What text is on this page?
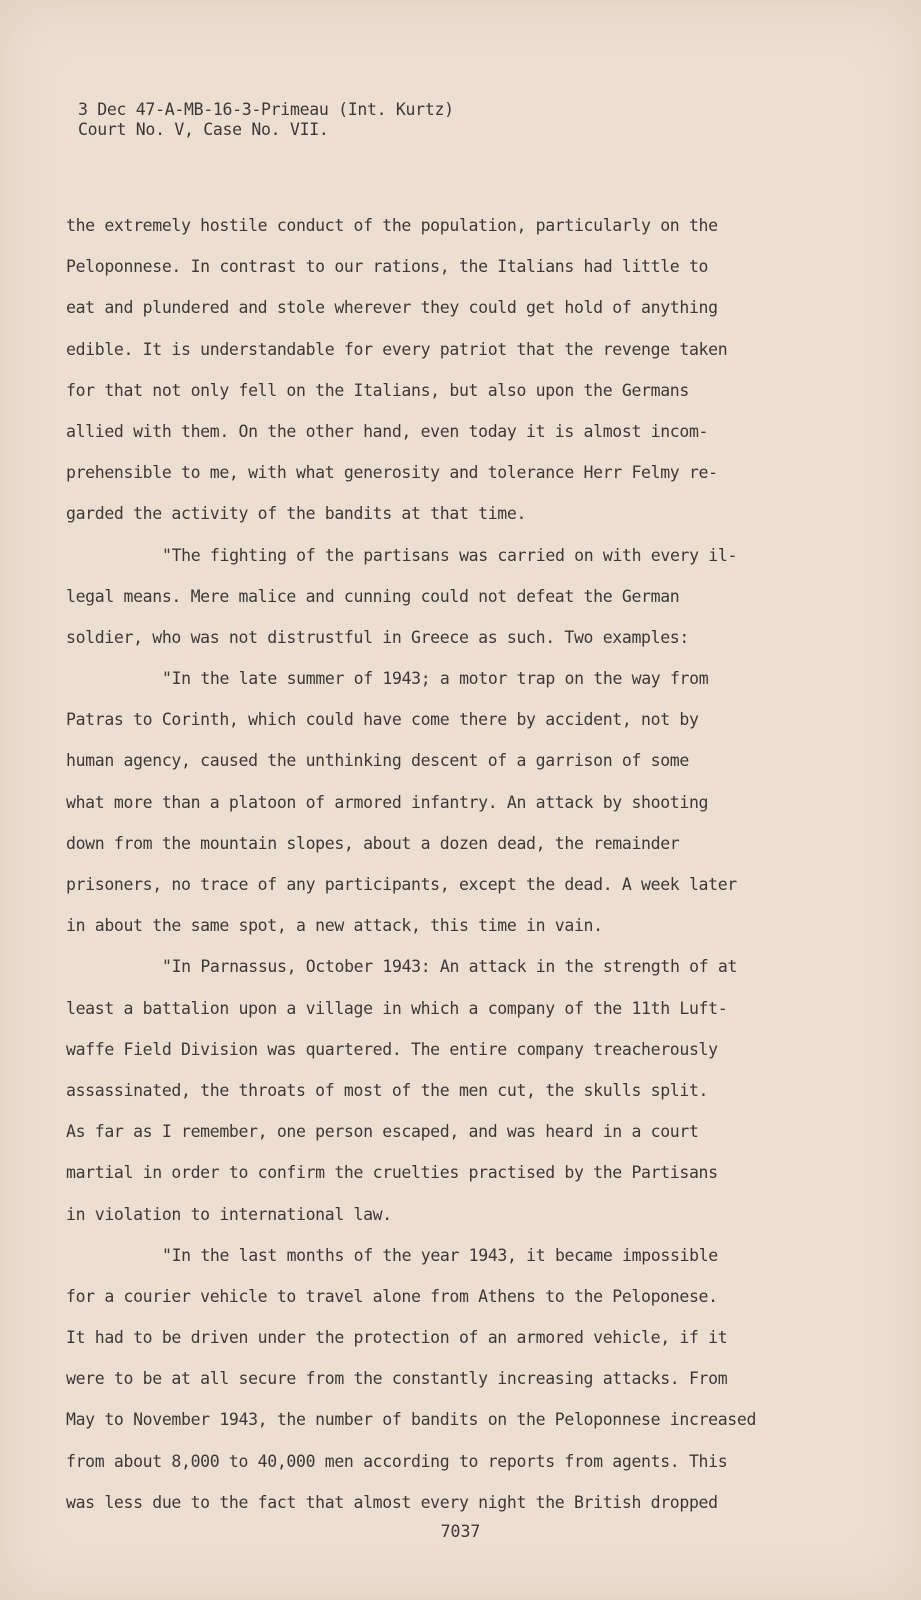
3 Dec 47-A-MB-16-3-Primeau (Int. Kurtz)
Court No. V, Case No. VII.
the extremely hostile conduct of the population, particularly on the
Peloponnese. In contrast to our rations, the Italians had little to
eat and plundered and stole wherever they could get hold of anything
edible. It is understandable for every patriot that the revenge taken
for that not only fell on the Italians, but also upon the Germans
allied with them. On the other hand, even today it is almost incom-
prehensible to me, with what generosity and tolerance Herr Felmy re-
garded the activity of the bandits at that time.
"The fighting of the partisans was carried on with every il-
legal means. Mere malice and cunning could not defeat the German
soldier, who was not distrustful in Greece as such. Two examples:
"In the late summer of 1943; a motor trap on the way from
Patras to Corinth, which could have come there by accident, not by
human agency, caused the unthinking descent of a garrison of some
what more than a platoon of armored infantry. An attack by shooting
down from the mountain slopes, about a dozen dead, the remainder
prisoners, no trace of any participants, except the dead. A week later
in about the same spot, a new attack, this time in vain.
"In Parnassus, October 1943: An attack in the strength of at
least a battalion upon a village in which a company of the 11th Luft-
waffe Field Division was quartered. The entire company treacherously
assassinated, the throats of most of the men cut, the skulls split.
As far as I remember, one person escaped, and was heard in a court
martial in order to confirm the cruelties practised by the Partisans
in violation to international law.
"In the last months of the year 1943, it became impossible
for a courier vehicle to travel alone from Athens to the Peloponese.
It had to be driven under the protection of an armored vehicle, if it
were to be at all secure from the constantly increasing attacks. From
May to November 1943, the number of bandits on the Peloponnese increased
from about 8,000 to 40,000 men according to reports from agents. This
was less due to the fact that almost every night the British dropped
7037
